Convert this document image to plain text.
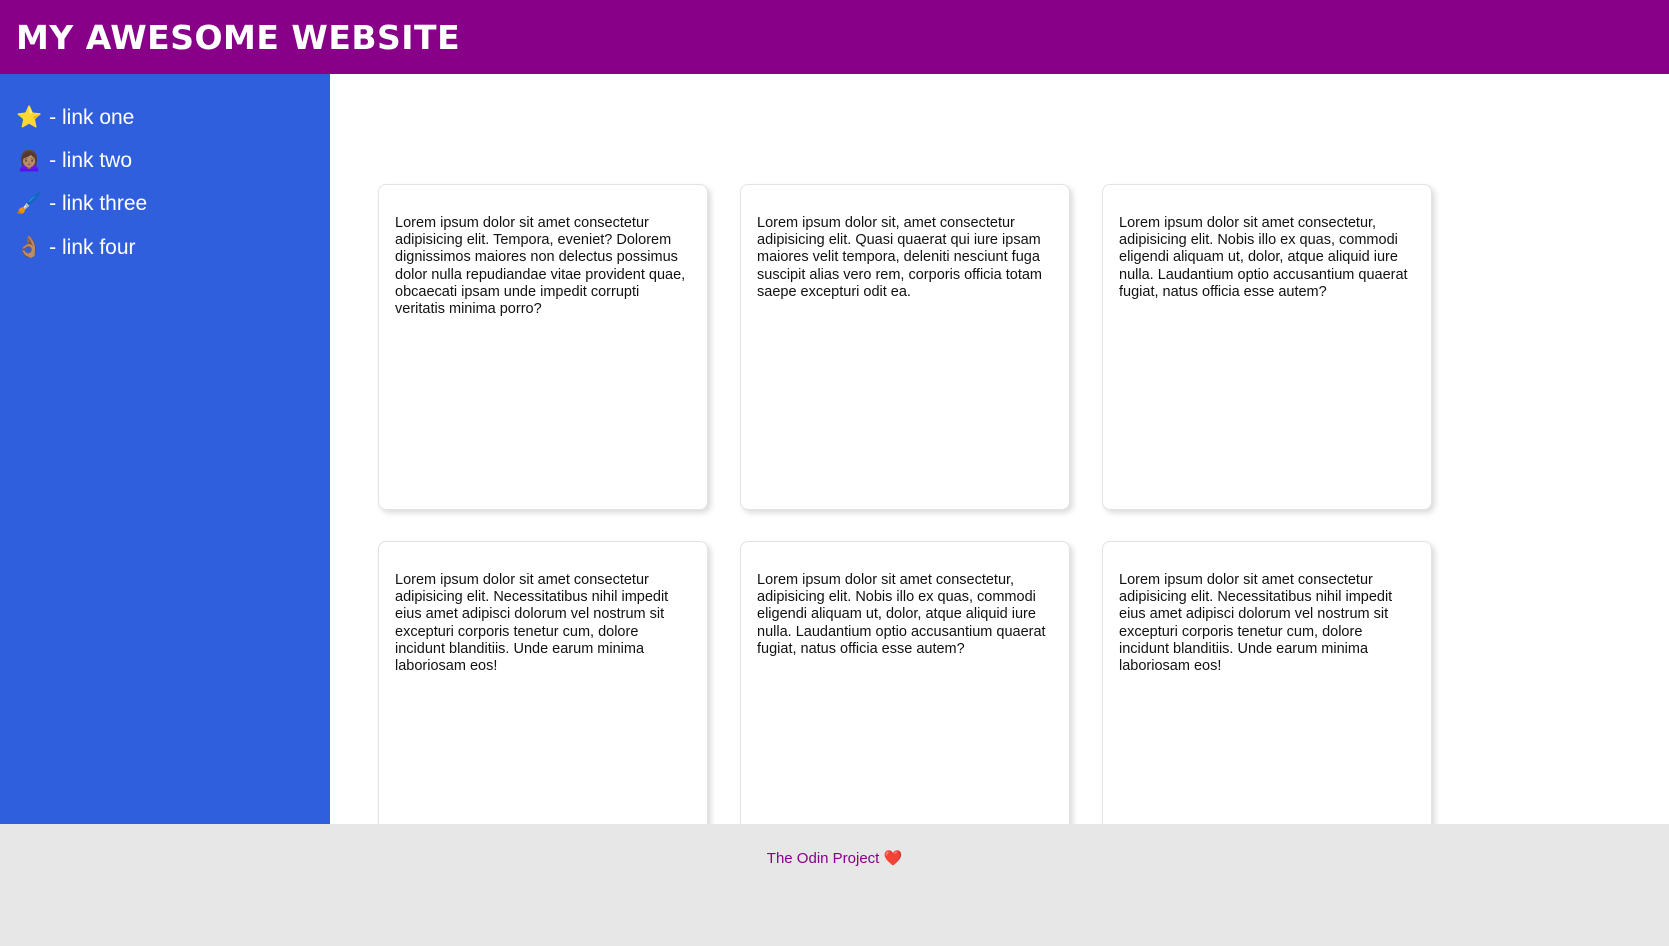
MY AWESOME WEBSITE
⭐ - link one
🙍🏽‍♀️ - link two
🖌️ - link three
👌🏽 - link four

Lorem ipsum dolor sit amet consectetur adipisicing elit. Tempora, eveniet? Dolorem dignissimos maiores non delectus possimus dolor nulla repudiandae vitae provident quae, obcaecati ipsam unde impedit corrupti veritatis minima porro?

Lorem ipsum dolor sit, amet consectetur adipisicing elit. Quasi quaerat qui iure ipsam maiores velit tempora, deleniti nesciunt fuga suscipit alias vero rem, corporis officia totam saepe excepturi odit ea.

Lorem ipsum dolor sit amet consectetur, adipisicing elit. Nobis illo ex quas, commodi eligendi aliquam ut, dolor, atque aliquid iure nulla. Laudantium optio accusantium quaerat fugiat, natus officia esse autem?

Lorem ipsum dolor sit amet consectetur adipisicing elit. Necessitatibus nihil impedit eius amet adipisci dolorum vel nostrum sit excepturi corporis tenetur cum, dolore incidunt blanditiis. Unde earum minima laboriosam eos!

Lorem ipsum dolor sit amet consectetur, adipisicing elit. Nobis illo ex quas, commodi eligendi aliquam ut, dolor, atque aliquid iure nulla. Laudantium optio accusantium quaerat fugiat, natus officia esse autem?

Lorem ipsum dolor sit amet consectetur adipisicing elit. Necessitatibus nihil impedit eius amet adipisci dolorum vel nostrum sit excepturi corporis tenetur cum, dolore incidunt blanditiis. Unde earum minima laboriosam eos!

The Odin Project ❤️
